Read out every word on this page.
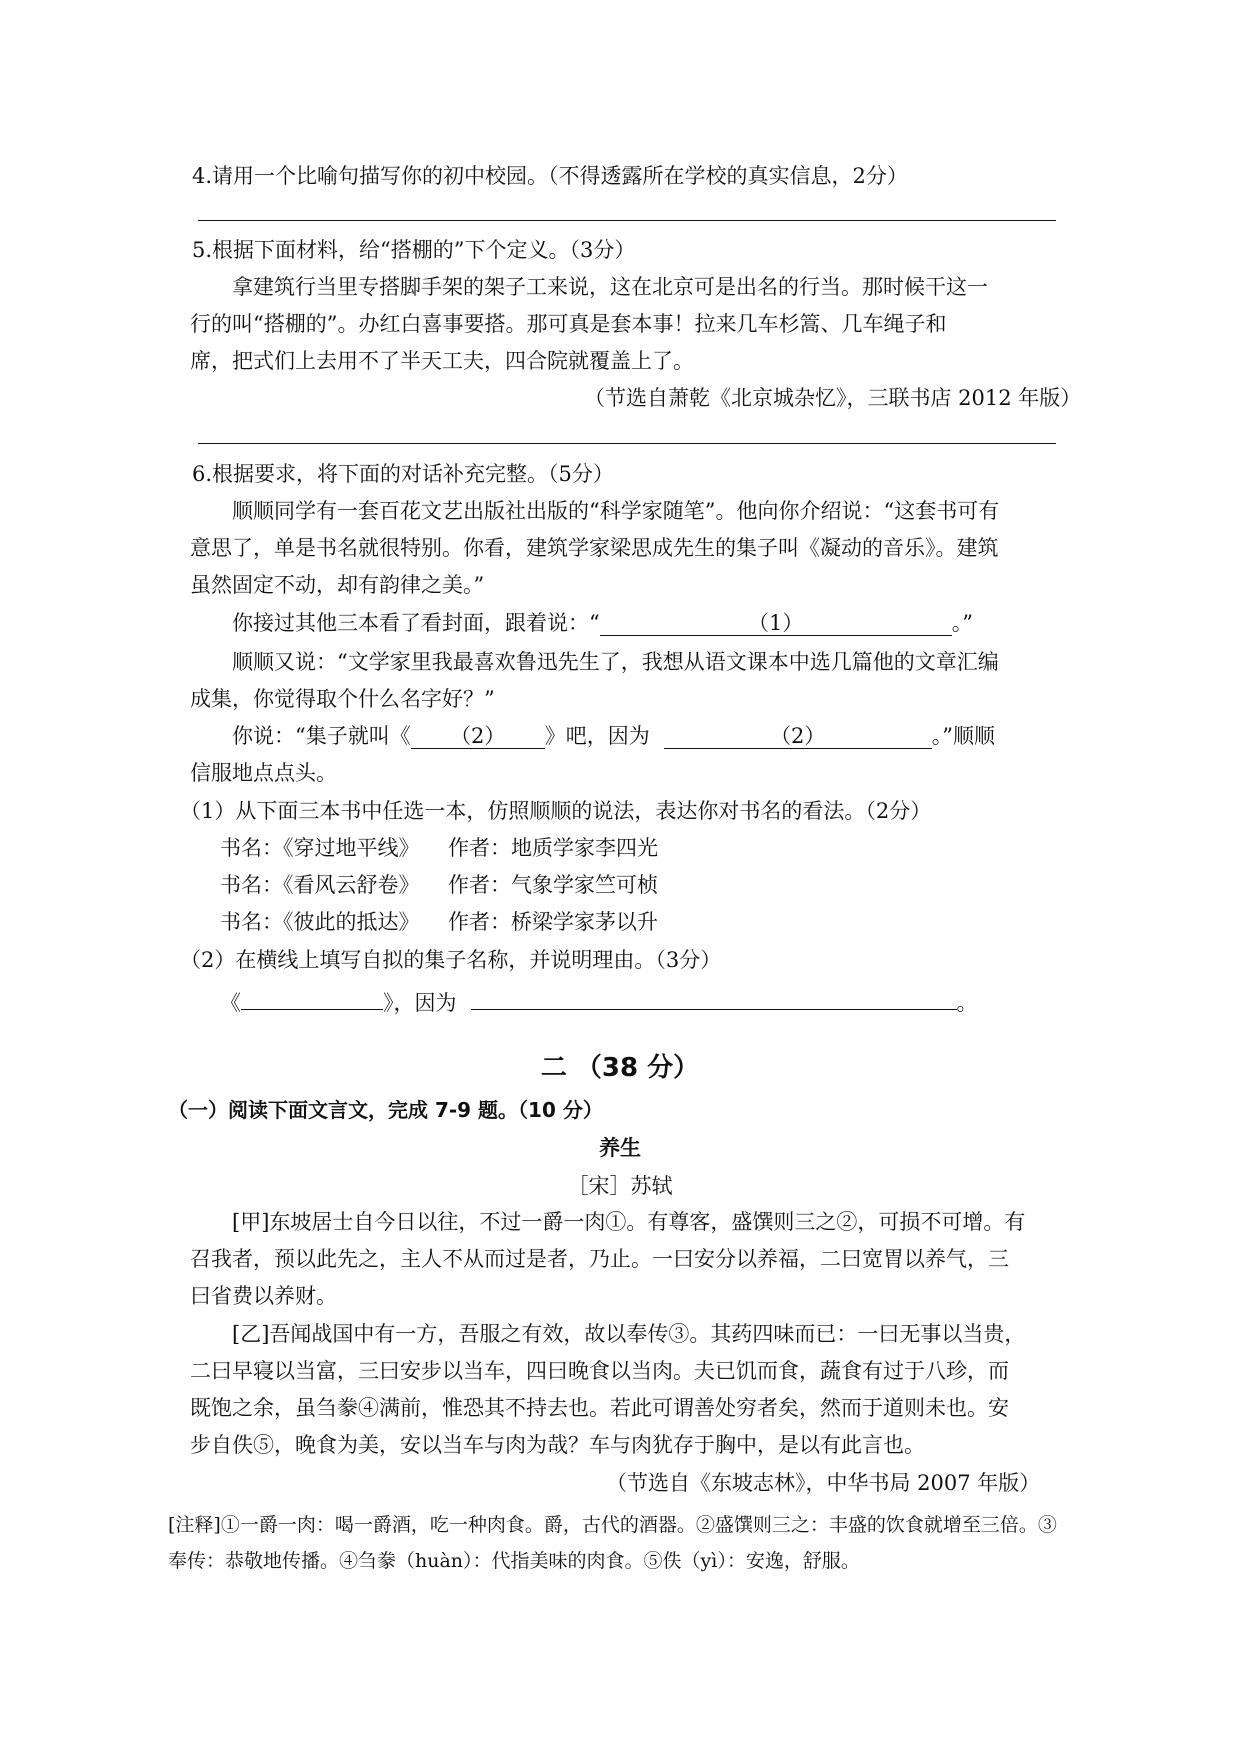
4.请用一个比喻句描写你的初中校园。（不得透露所在学校的真实信息，2分）
5.根据下面材料，给“搭棚的”下个定义。（3分）
拿建筑行当里专搭脚手架的架子工来说，这在北京可是出名的行当。那时候干这一
行的叫“搭棚的”。办红白喜事要搭。那可真是套本事！拉来几车杉篙、几车绳子和
席，把式们上去用不了半天工夫，四合院就覆盖上了。
（节选自萧乾《北京城杂忆》，三联书店 2012 年版）
6.根据要求，将下面的对话补充完整。（5分）
顺顺同学有一套百花文艺出版社出版的“科学家随笔”。他向你介绍说：“这套书可有
意思了，单是书名就很特别。你看，建筑学家梁思成先生的集子叫《凝动的音乐》。建筑
虽然固定不动，却有韵律之美。”
你接过其他三本看了看封面，跟着说：“	（1）	。”
顺顺又说：“文学家里我最喜欢鲁迅先生了，我想从语文课本中选几篇他的文章汇编
成集，你觉得取个什么名字好？”
你说：“集子就叫《 （2） 》吧，因为	（2）	。”顺顺
信服地点点头。
（1）从下面三本书中任选一本，仿照顺顺的说法，表达你对书名的看法。（2分）
书名：《穿过地平线》 作者：地质学家李四光
书名：《看风云舒卷》 作者：气象学家竺可桢
书名：《彼此的抵达》 作者：桥梁学家茅以升
（2）在横线上填写自拟的集子名称，并说明理由。（3分）
《	》，因为	。
二 （38 分）
（一）阅读下面文言文，完成 7-9 题。（10 分）
养生
［宋］苏轼
[甲]东坡居士自今日以往，不过一爵一肉①。有尊客，盛馔则三之②，可损不可增。有
召我者，预以此先之，主人不从而过是者，乃止。一曰安分以养福，二曰宽胃以养气，三
曰省费以养财。
[乙]吾闻战国中有一方，吾服之有效，故以奉传③。其药四味而已：一曰无事以当贵，
二曰早寝以当富，三曰安步以当车，四曰晚食以当肉。夫已饥而食，蔬食有过于八珍，而
既饱之余，虽刍豢④满前，惟恐其不持去也。若此可谓善处穷者矣，然而于道则未也。安
步自佚⑤，晚食为美，安以当车与肉为哉？车与肉犹存于胸中，是以有此言也。
（节选自《东坡志林》，中华书局 2007 年版）
[注释]①一爵一肉：喝一爵酒，吃一种肉食。爵，古代的酒器。②盛馔则三之：丰盛的饮食就增至三倍。③
奉传：恭敬地传播。④刍豢（huàn）：代指美味的肉食。⑤佚（yì）：安逸，舒服。
